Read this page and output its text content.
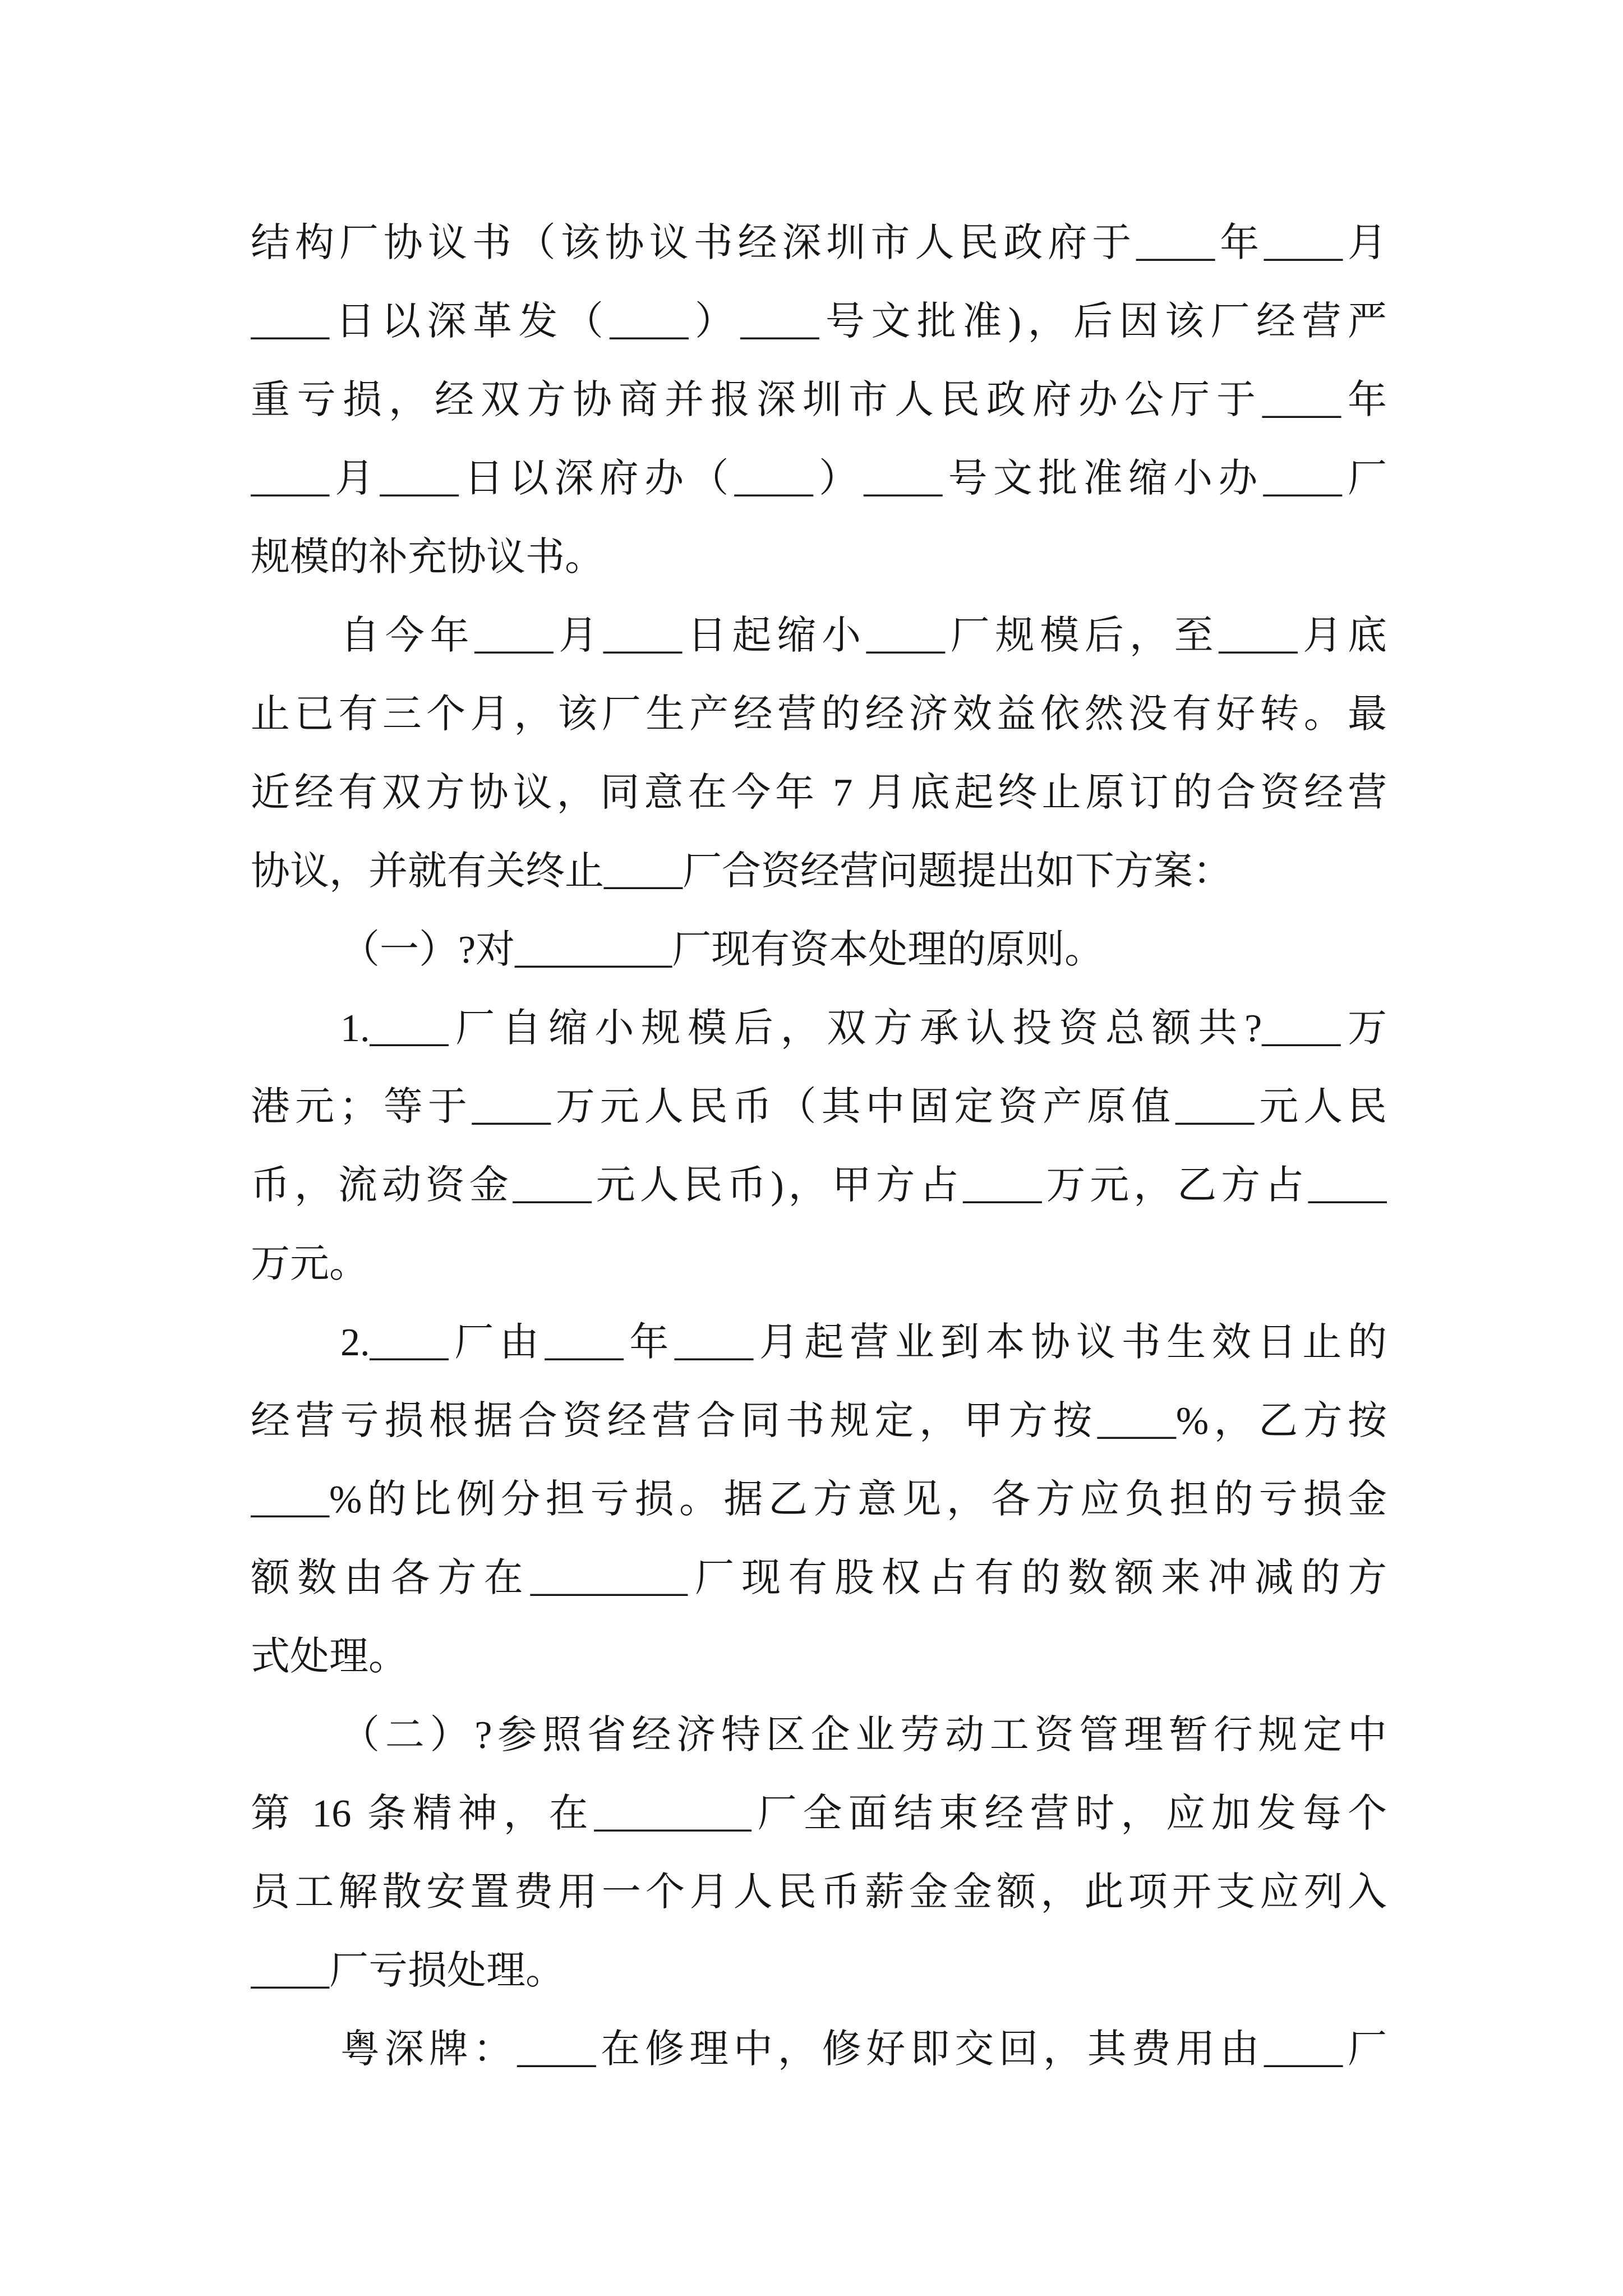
结构厂协议书（该协议书经深圳市人民政府于____年____月
____日以深革发（____）____号文批准)，后因该厂经营严
重亏损，经双方协商并报深圳市人民政府办公厅于____年
____月____日以深府办（____）____号文批准缩小办____厂
规模的补充协议书。
自今年____月____日起缩小____厂规模后，至____月底
止已有三个月，该厂生产经营的经济效益依然没有好转。最
近经有双方协议，同意在今年 7 月底起终止原订的合资经营
协议，并就有关终止____厂合资经营问题提出如下方案：
（一）?对________厂现有资本处理的原则。
1.____厂自缩小规模后，双方承认投资总额共?____万
港元；等于____万元人民币（其中固定资产原值____元人民
币，流动资金____元人民币)，甲方占____万元，乙方占____
万元。
2.____厂由____年____月起营业到本协议书生效日止的
经营亏损根据合资经营合同书规定，甲方按____%，乙方按
____%的比例分担亏损。据乙方意见，各方应负担的亏损金
额数由各方在________厂现有股权占有的数额来冲减的方
式处理。
（二）?参照省经济特区企业劳动工资管理暂行规定中
第 16 条精神，在________厂全面结束经营时，应加发每个
员工解散安置费用一个月人民币薪金金额，此项开支应列入
____厂亏损处理。
粤深牌：____在修理中，修好即交回，其费用由____厂
